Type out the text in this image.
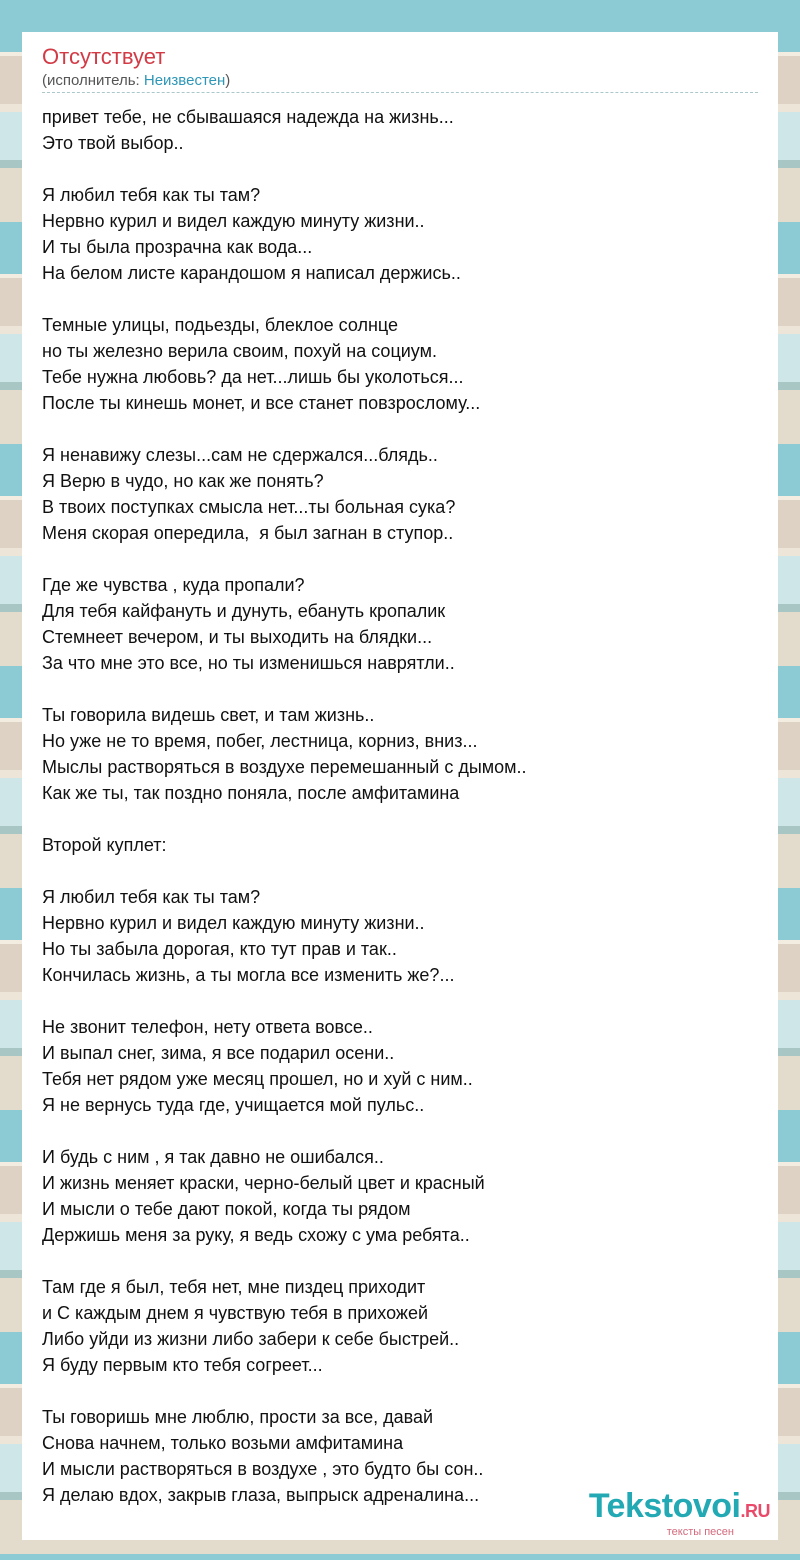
Отсутствует
(исполнитель: Неизвестен)
привет тебе, не сбывашаяся надежда на жизнь...
Это твой выбор..
Я любил тебя как ты там?
Нервно курил и видел каждую минуту жизни..
И ты была прозрачна как вода...
На белом листе карандошом я написал держись..
Темные улицы, подьезды, блеклое солнце
но ты железно верила своим, похуй на социум.
Тебе нужна любовь? да нет...лишь бы уколоться...
После ты кинешь монет, и все станет повзрослому...
Я ненавижу слезы...сам не сдержался...блядь..
Я Верю в чудо, но как же понять?
В твоих поступках смысла нет...ты больная сука?
Меня скорая опередила,  я был загнан в ступор..
Где же чувства , куда пропали?
Для тебя кайфануть и дунуть, ебануть кропалик
Стемнеет вечером, и ты выходить на блядки...
За что мне это все, но ты изменишься наврятли..
Ты говорила видешь свет, и там жизнь..
Но уже не то время, побег, лестница, корниз, вниз...
Мыслы растворяться в воздухе перемешанный с дымом..
Как же ты, так поздно поняла, после амфитамина
Второй куплет:
Я любил тебя как ты там?
Нервно курил и видел каждую минуту жизни..
Но ты забыла дорогая, кто тут прав и так..
Кончилась жизнь, а ты могла все изменить же?...
Не звонит телефон, нету ответа вовсе..
И выпал снег, зима, я все подарил осени..
Тебя нет рядом уже месяц прошел, но и хуй с ним..
Я не вернусь туда где, учищается мой пульс..
И будь с ним , я так давно не ошибался..
И жизнь меняет краски, черно-белый цвет и красный
И мысли о тебе дают покой, когда ты рядом
Держишь меня за руку, я ведь схожу с ума ребята..
Там где я был, тебя нет, мне пиздец приходит
и С каждым днем я чувствую тебя в прихожей
Либо уйди из жизни либо забери к себе быстрей..
Я буду первым кто тебя согреет...
Ты говоришь мне люблю, прости за все, давай
Снова начнем, только возьми амфитамина
И мысли растворяться в воздухе , это будто бы сон..
Я делаю вдох, закрыв глаза, выпрыск адреналина...	Tekstovoi.RU
тексты песен
